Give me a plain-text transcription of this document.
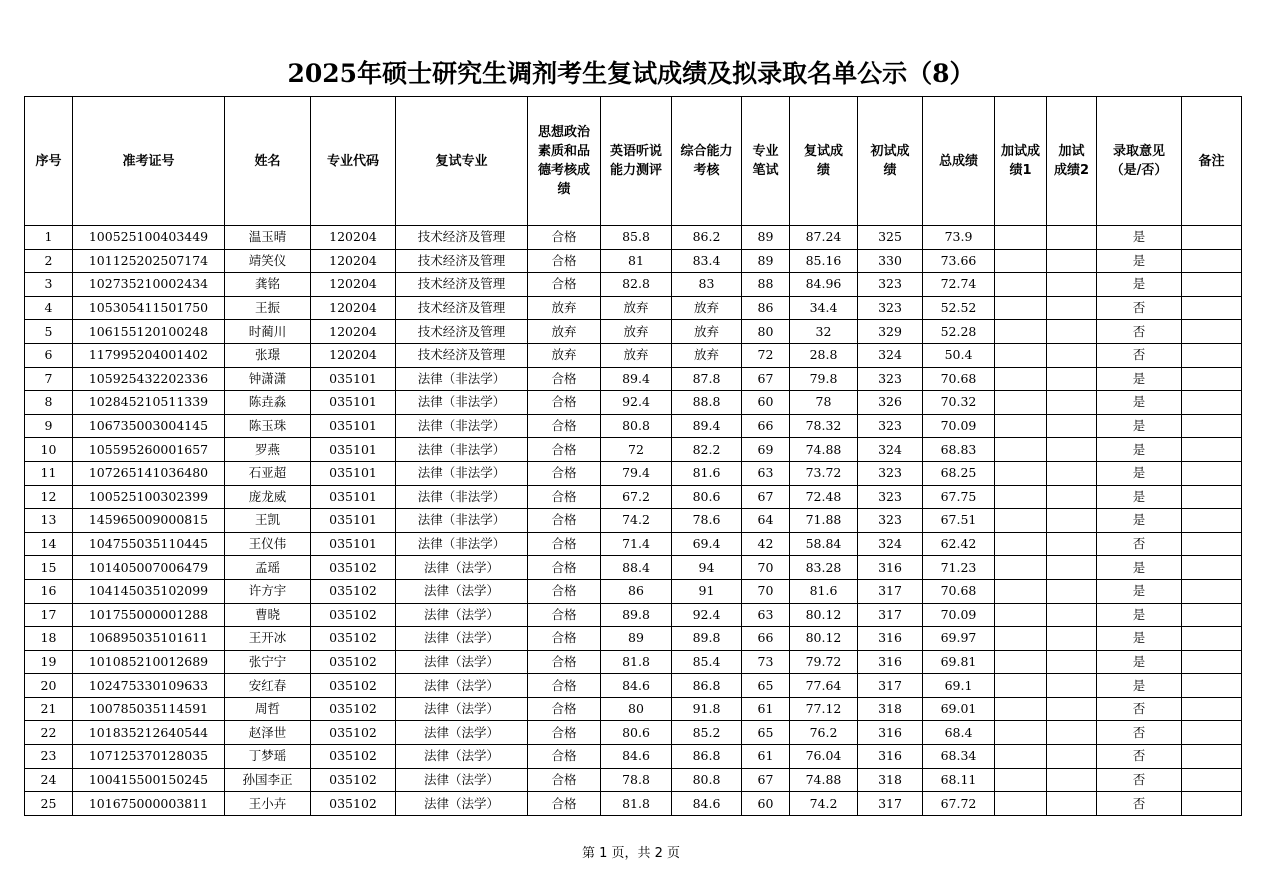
2025年硕士研究生调剂考生复试成绩及拟录取名单公示（8）
序号	准考证号	姓名	专业代码	复试专业	思想政治素质和品德考核成绩	英语听说能力测评	综合能力考核	专业笔试	复试成绩	初试成绩	总成绩	加试成绩1	加试成绩2	录取意见（是/否）	备注
1	100525100403449	温玉晴	120204	技术经济及管理	合格	85.8	86.2	89	87.24	325	73.9			是	
2	101125202507174	靖笑仪	120204	技术经济及管理	合格	81	83.4	89	85.16	330	73.66			是	
3	102735210002434	龚铭	120204	技术经济及管理	合格	82.8	83	88	84.96	323	72.74			是	
4	105305411501750	王振	120204	技术经济及管理	放弃	放弃	放弃	86	34.4	323	52.52			否	
5	106155120100248	时蔺川	120204	技术经济及管理	放弃	放弃	放弃	80	32	329	52.28			否	
6	117995204001402	张璟	120204	技术经济及管理	放弃	放弃	放弃	72	28.8	324	50.4			否	
7	105925432202336	钟潇潇	035101	法律（非法学）	合格	89.4	87.8	67	79.8	323	70.68			是	
8	102845210511339	陈垚淼	035101	法律（非法学）	合格	92.4	88.8	60	78	326	70.32			是	
9	106735003004145	陈玉珠	035101	法律（非法学）	合格	80.8	89.4	66	78.32	323	70.09			是	
10	105595260001657	罗燕	035101	法律（非法学）	合格	72	82.2	69	74.88	324	68.83			是	
11	107265141036480	石亚超	035101	法律（非法学）	合格	79.4	81.6	63	73.72	323	68.25			是	
12	100525100302399	庞龙威	035101	法律（非法学）	合格	67.2	80.6	67	72.48	323	67.75			是	
13	145965009000815	王凯	035101	法律（非法学）	合格	74.2	78.6	64	71.88	323	67.51			是	
14	104755035110445	王仪伟	035101	法律（非法学）	合格	71.4	69.4	42	58.84	324	62.42			否	
15	101405007006479	孟瑶	035102	法律（法学）	合格	88.4	94	70	83.28	316	71.23			是	
16	104145035102099	许方宇	035102	法律（法学）	合格	86	91	70	81.6	317	70.68			是	
17	101755000001288	曹晓	035102	法律（法学）	合格	89.8	92.4	63	80.12	317	70.09			是	
18	106895035101611	王开冰	035102	法律（法学）	合格	89	89.8	66	80.12	316	69.97			是	
19	101085210012689	张宁宁	035102	法律（法学）	合格	81.8	85.4	73	79.72	316	69.81			是	
20	102475330109633	安红春	035102	法律（法学）	合格	84.6	86.8	65	77.64	317	69.1			是	
21	100785035114591	周哲	035102	法律（法学）	合格	80	91.8	61	77.12	318	69.01			否	
22	101835212640544	赵泽世	035102	法律（法学）	合格	80.6	85.2	65	76.2	316	68.4			否	
23	107125370128035	丁梦瑶	035102	法律（法学）	合格	84.6	86.8	61	76.04	316	68.34			否	
24	100415500150245	孙国李正	035102	法律（法学）	合格	78.8	80.8	67	74.88	318	68.11			否	
25	101675000003811	王小卉	035102	法律（法学）	合格	81.8	84.6	60	74.2	317	67.72			否	
第 1 页，共 2 页
